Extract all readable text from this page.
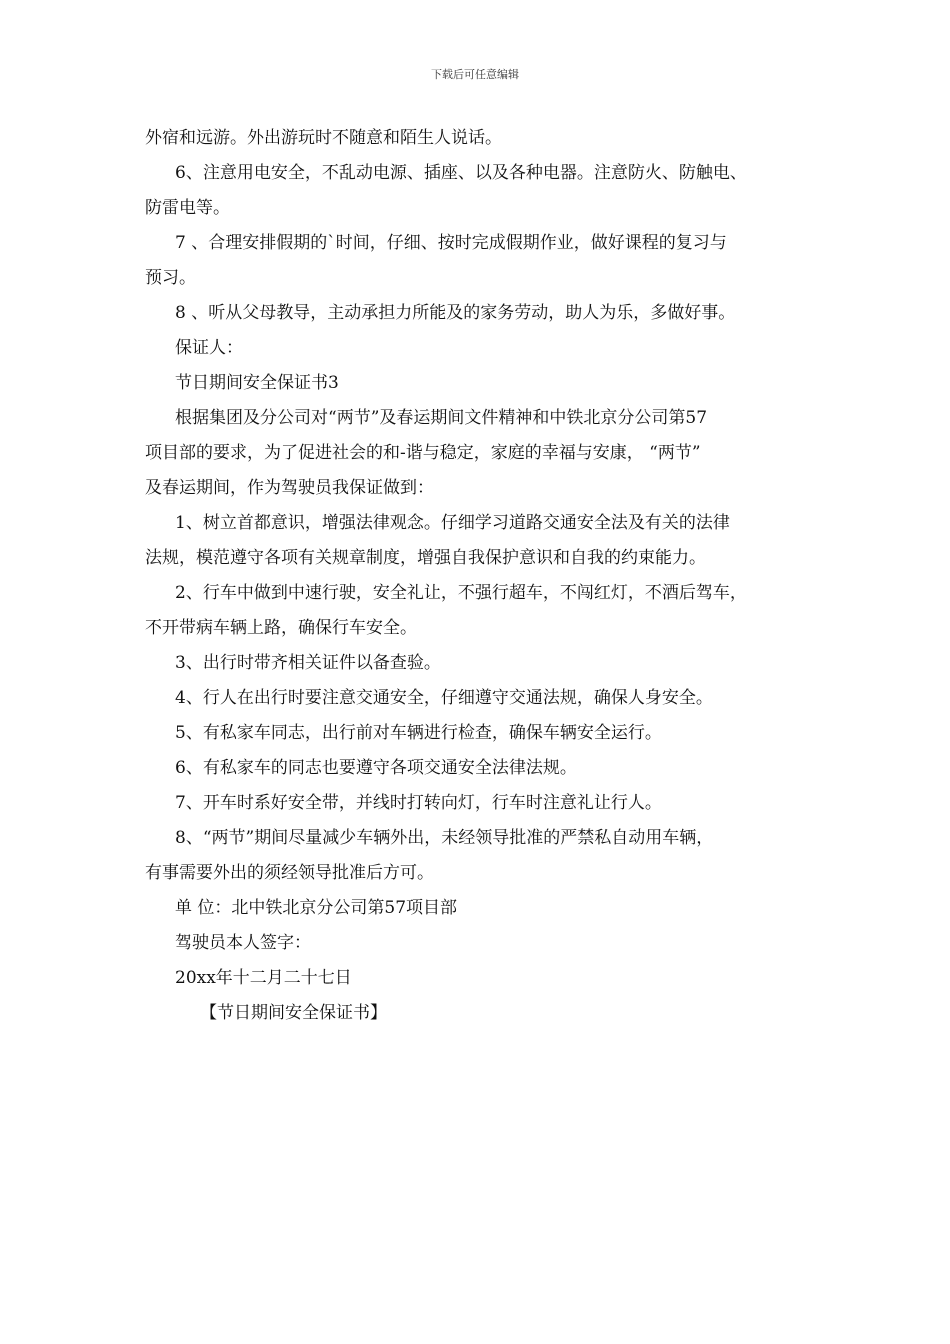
下载后可任意编辑
外宿和远游。外出游玩时不随意和陌生人说话。
6、注意用电安全，不乱动电源、插座、以及各种电器。注意防火、防触电、
防雷电等。
7 、合理安排假期的`时间，仔细、按时完成假期作业，做好课程的复习与
预习。
8 、听从父母教导，主动承担力所能及的家务劳动，助人为乐，多做好事。
保证人：
节日期间安全保证书3
根据集团及分公司对“两节”及春运期间文件精神和中铁北京分公司第57
项目部的要求，为了促进社会的和-谐与稳定，家庭的幸福与安康， “两节”
及春运期间，作为驾驶员我保证做到：
1、树立首都意识，增强法律观念。仔细学习道路交通安全法及有关的法律
法规，模范遵守各项有关规章制度，增强自我保护意识和自我的约束能力。
2、行车中做到中速行驶，安全礼让，不强行超车，不闯红灯，不酒后驾车，
不开带病车辆上路，确保行车安全。
3、出行时带齐相关证件以备查验。
4、行人在出行时要注意交通安全，仔细遵守交通法规，确保人身安全。
5、有私家车同志，出行前对车辆进行检查，确保车辆安全运行。
6、有私家车的同志也要遵守各项交通安全法律法规。
7、开车时系好安全带，并线时打转向灯，行车时注意礼让行人。
8、“两节”期间尽量减少车辆外出，未经领导批准的严禁私自动用车辆，
有事需要外出的须经领导批准后方可。
单 位：北中铁北京分公司第57项目部
驾驶员本人签字：
20xx年十二月二十七日
【节日期间安全保证书】
